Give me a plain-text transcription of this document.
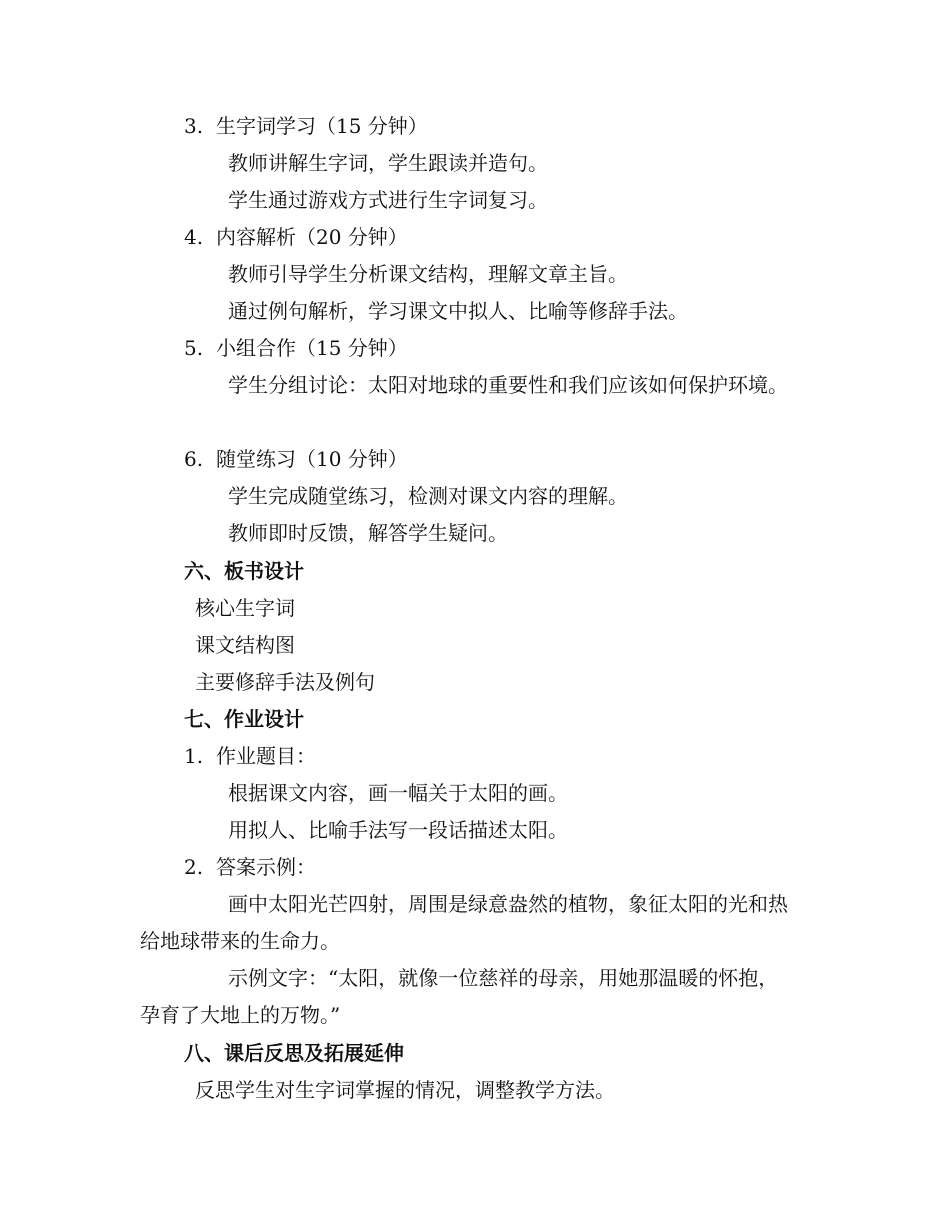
3. 生字词学习（15 分钟）
教师讲解生字词，学生跟读并造句。
学生通过游戏方式进行生字词复习。
4. 内容解析（20 分钟）
教师引导学生分析课文结构，理解文章主旨。
通过例句解析，学习课文中拟人、比喻等修辞手法。
5. 小组合作（15 分钟）
学生分组讨论：太阳对地球的重要性和我们应该如何保护环境。
6. 随堂练习（10 分钟）
学生完成随堂练习，检测对课文内容的理解。
教师即时反馈，解答学生疑问。
六、板书设计
核心生字词
课文结构图
主要修辞手法及例句
七、作业设计
1. 作业题目：
根据课文内容，画一幅关于太阳的画。
用拟人、比喻手法写一段话描述太阳。
2. 答案示例：
画中太阳光芒四射，周围是绿意盎然的植物，象征太阳的光和热给地球带来的生命力。
示例文字：“太阳，就像一位慈祥的母亲，用她那温暖的怀抱，孕育了大地上的万物。”
八、课后反思及拓展延伸
反思学生对生字词掌握的情况，调整教学方法。
